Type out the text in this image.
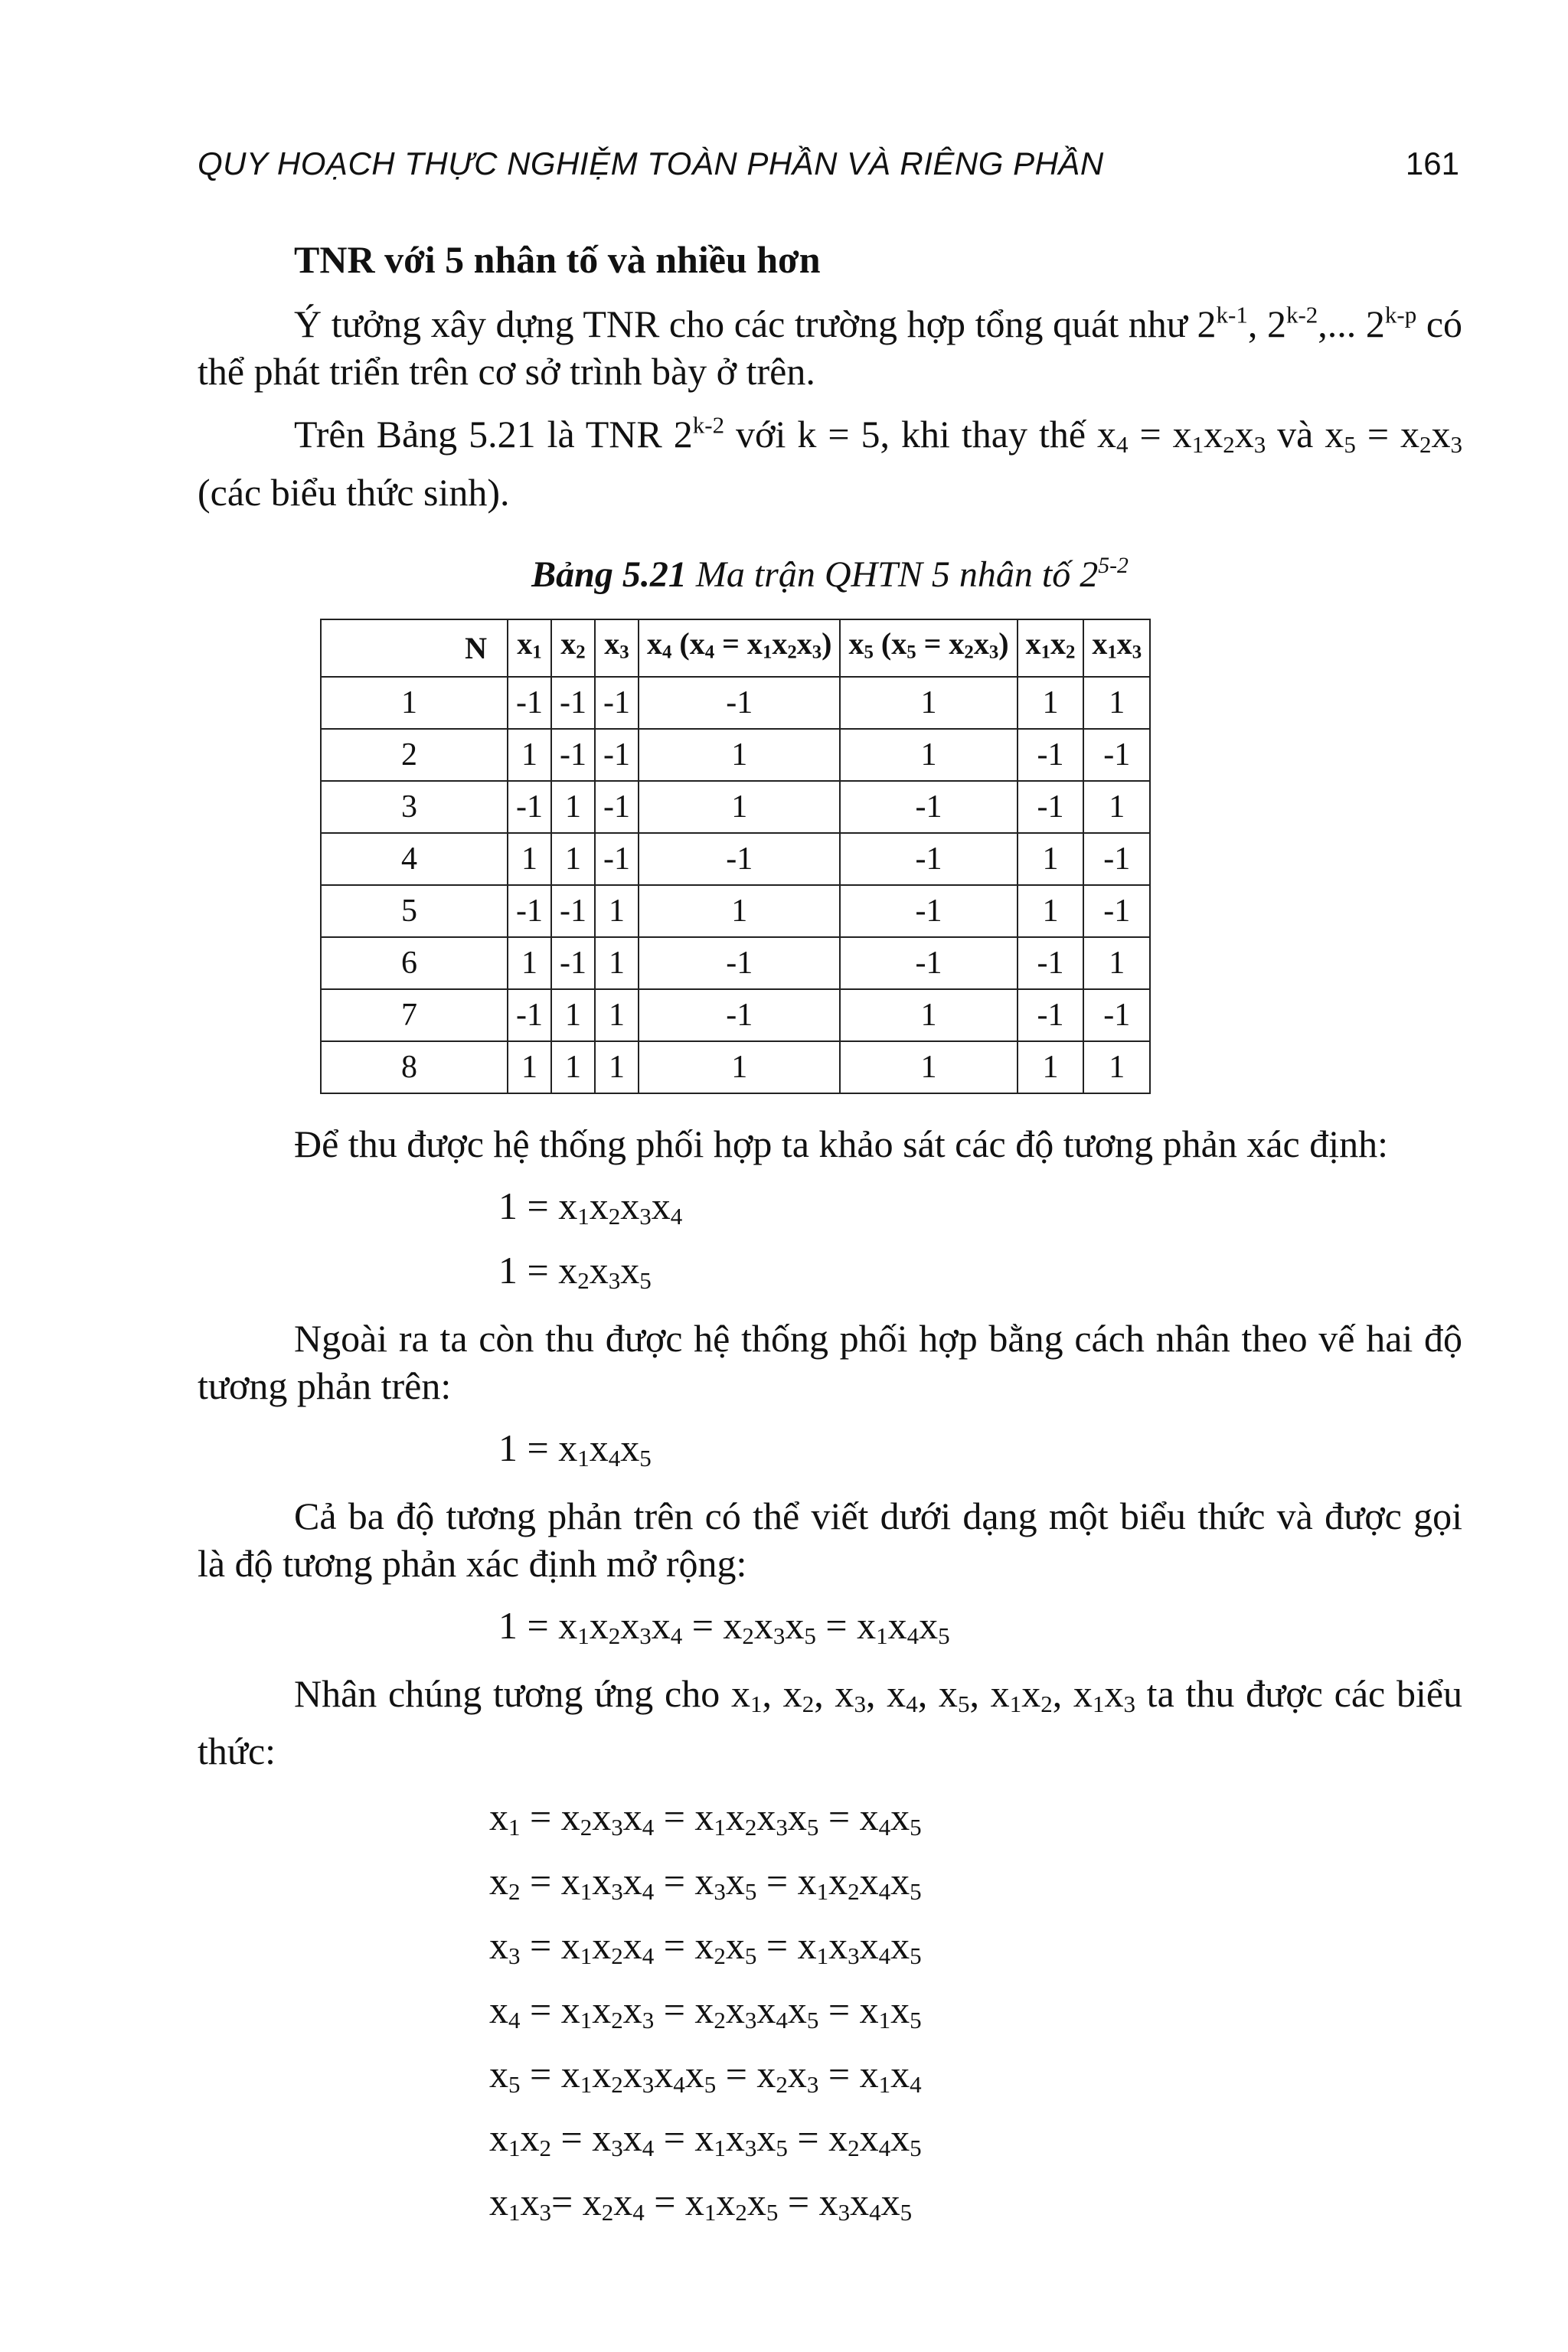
QUY HOẠCH THỰC NGHIỆM TOÀN PHẦN VÀ RIÊNG PHẦN	161
TNR với 5 nhân tố và nhiều hơn

Ý tưởng xây dựng TNR cho các trường hợp tổng quát như 2$^{k-1}$, 2$^{k-2}$,... 2$^{k-p}$ có thể phát triển trên cơ sở trình bày ở trên.

Trên Bảng 5.21 là TNR 2$^{k-2}$ với k = 5, khi thay thế $x_4 = x_1x_2x_3$ và $x_5 = x_2x_3$ (các biểu thức sinh).

Bảng 5.21 Ma trận QHTN 5 nhân tố 2$^{5-2}$
N	$x_1$	$x_2$	$x_3$	$x_4$ $(x_4 = x_1x_2x_3)$	$x_5$ $(x_5 = x_2x_3)$	$x_1x_2$	$x_1x_3$
1	-1	-1	-1	-1	1	1	1
2	1	-1	-1	1	1	-1	-1
3	-1	1	-1	1	-1	-1	1
4	1	1	-1	-1	-1	1	-1
5	-1	-1	1	1	-1	1	-1
6	1	-1	1	-1	-1	-1	1
7	-1	1	1	-1	1	-1	-1
8	1	1	1	1	1	1	1

Để thu được hệ thống phối hợp ta khảo sát các độ tương phản xác định:

$1 = x_1x_2x_3x_4$
$1 = x_2x_3x_5$

Ngoài ra ta còn thu được hệ thống phối hợp bằng cách nhân theo vế hai độ tương phản trên:

$1 = x_1x_4x_5$

Cả ba độ tương phản trên có thể viết dưới dạng một biểu thức và được gọi là độ tương phản xác định mở rộng:

$1 = x_1x_2x_3x_4 = x_2x_3x_5 = x_1x_4x_5$

Nhân chúng tương ứng cho $x_1$, $x_2$, $x_3$, $x_4$, $x_5$, $x_1x_2$, $x_1x_3$ ta thu được các biểu thức:

$x_1 = x_2x_3x_4 = x_1x_2x_3x_5 = x_4x_5$
$x_2 = x_1x_3x_4 = x_3x_5 = x_1x_2x_4x_5$
$x_3 = x_1x_2x_4 = x_2x_5 = x_1x_3x_4x_5$
$x_4 = x_1x_2x_3 = x_2x_3x_4x_5 = x_1x_5$
$x_5 = x_1x_2x_3x_4x_5 = x_2x_3 = x_1x_4$
$x_1x_2 = x_3x_4 = x_1x_3x_5 = x_2x_4x_5$
$x_1x_3= x_2x_4 = x_1x_2x_5 = x_3x_4x_5$
